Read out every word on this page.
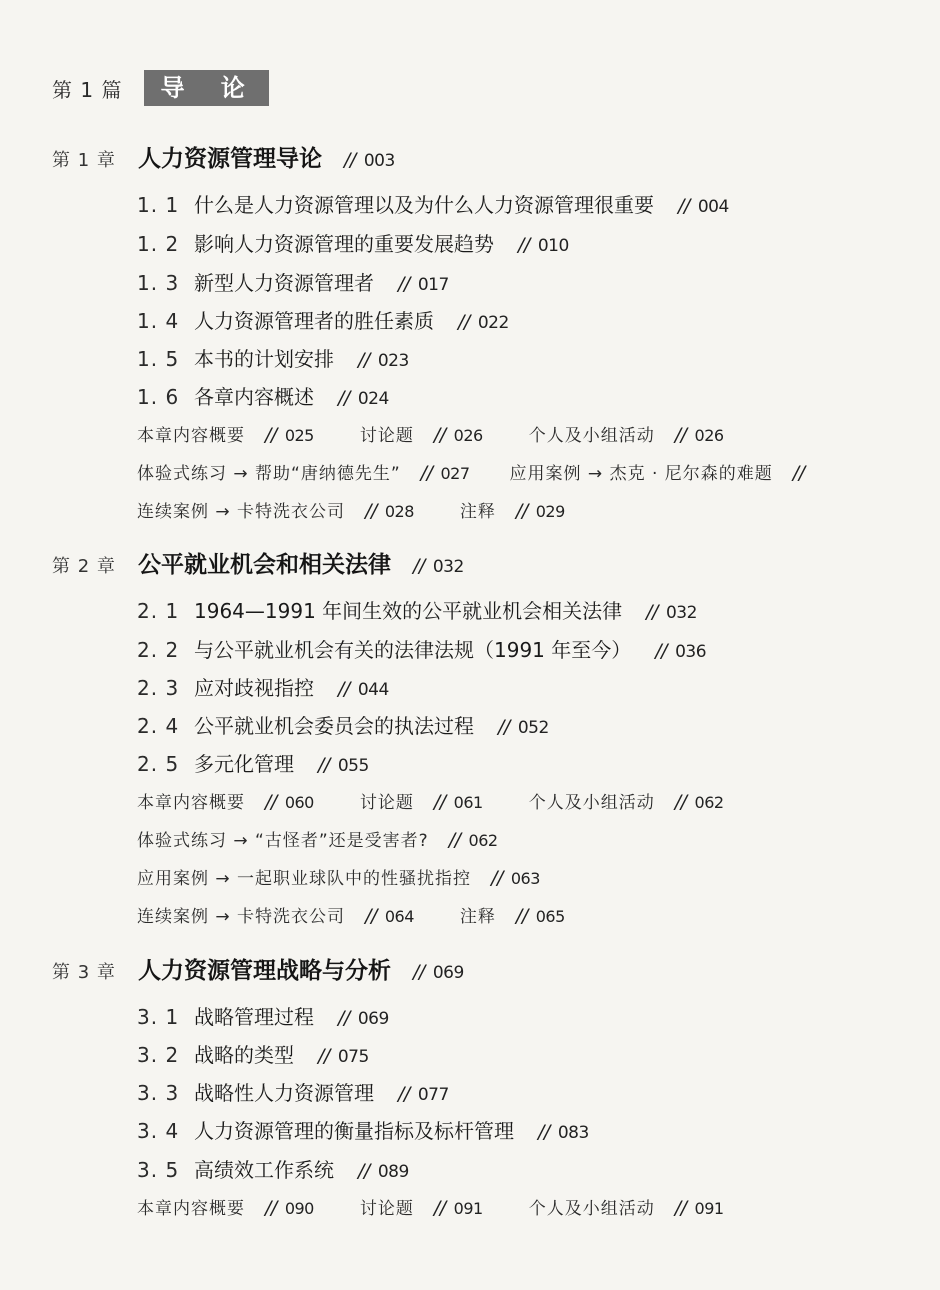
第 1 篇	导 论
第 1 章 人力资源管理导论 // 003
1. 1 什么是人力资源管理以及为什么人力资源管理很重要 // 004
1. 2 影响人力资源管理的重要发展趋势 // 010
1. 3 新型人力资源管理者 // 017
1. 4 人力资源管理者的胜任素质 // 022
1. 5 本书的计划安排 // 023
1. 6 各章内容概述 // 024
本章内容概要 // 025	讨论题 // 026	个人及小组活动 // 026
体验式练习 → 帮助“唐纳德先生” // 027 应用案例 → 杰克 · 尼尔森的难题 //
连续案例 → 卡特洗衣公司 // 028	注释 // 029
第 2 章 公平就业机会和相关法律 // 032
2. 1 1964—1991 年间生效的公平就业机会相关法律 // 032
2. 2 与公平就业机会有关的法律法规（1991 年至今） // 036
2. 3 应对歧视指控 // 044
2. 4 公平就业机会委员会的执法过程 // 052
2. 5 多元化管理 // 055
本章内容概要 // 060	讨论题 // 061	个人及小组活动 // 062
体验式练习 → “古怪者”还是受害者? // 062
应用案例 → 一起职业球队中的性骚扰指控 // 063
连续案例 → 卡特洗衣公司 // 064	注释 // 065
第 3 章 人力资源管理战略与分析 // 069
3. 1 战略管理过程 // 069
3. 2 战略的类型 // 075
3. 3 战略性人力资源管理 // 077
3. 4 人力资源管理的衡量指标及标杆管理 // 083
3. 5 高绩效工作系统 // 089
本章内容概要 // 090	讨论题 // 091	个人及小组活动 // 091
